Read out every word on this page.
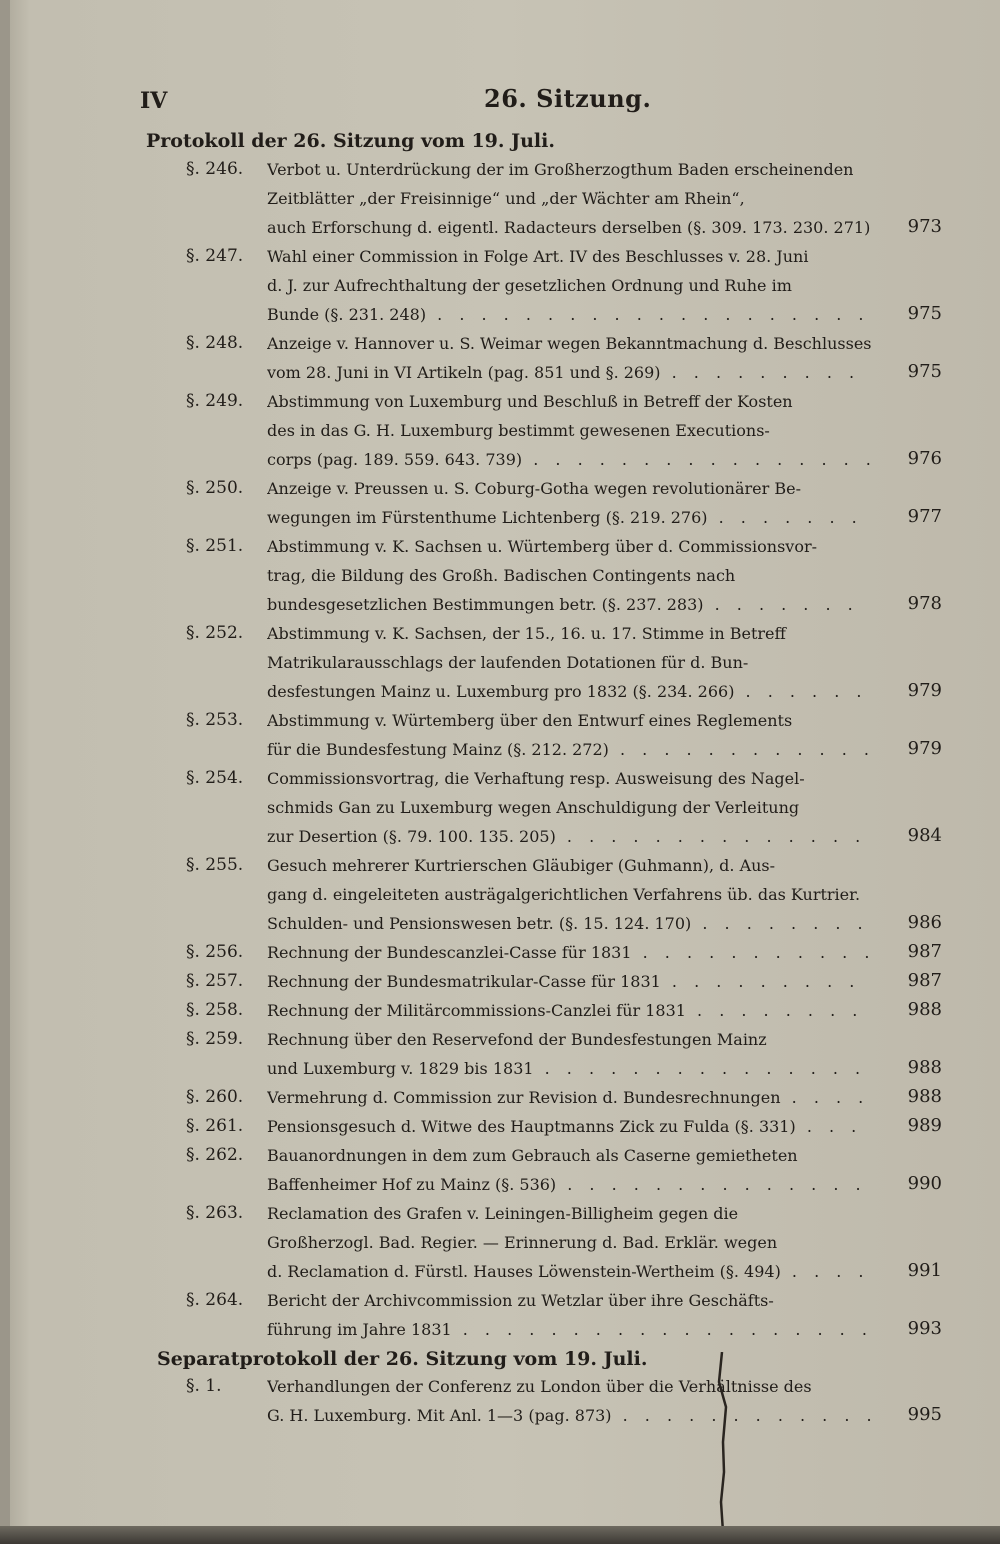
IV	26. Sitzung.
Protokoll der 26. Sitzung vom 19. Juli.
§. 246.	Verbot u. Unterdrückung der im Großherzogthum Baden erscheinenden
Zeitblätter „der Freisinnige“ und „der Wächter am Rhein“,
auch Erforschung d. eigentl. Radacteurs derselben (§. 309. 173. 230. 271) . . .	973
§. 247.	Wahl einer Commission in Folge Art. IV des Beschlusses v. 28. Juni
d. J. zur Aufrechthaltung der gesetzlichen Ordnung und Ruhe im
Bunde (§. 231. 248) . . .	975
§. 248.	Anzeige v. Hannover u. S. Weimar wegen Bekanntmachung d. Beschlusses
vom 28. Juni in VI Artikeln (pag. 851 und §. 269) . . .	975
§. 249.	Abstimmung von Luxemburg und Beschluß in Betreff der Kosten
des in das G. H. Luxemburg bestimmt gewesenen Executions-
corps (pag. 189. 559. 643. 739) . . .	976
§. 250.	Anzeige v. Preussen u. S. Coburg-Gotha wegen revolutionärer Be-
wegungen im Fürstenthume Lichtenberg (§. 219. 276) . . .	977
§. 251.	Abstimmung v. K. Sachsen u. Würtemberg über d. Commissionsvor-
trag, die Bildung des Großh. Badischen Contingents nach
bundesgesetzlichen Bestimmungen betr. (§. 237. 283) . . .	978
§. 252.	Abstimmung v. K. Sachsen, der 15., 16. u. 17. Stimme in Betreff
Matrikularausschlags der laufenden Dotationen für d. Bun-
desfestungen Mainz u. Luxemburg pro 1832 (§. 234. 266) . . .	979
§. 253.	Abstimmung v. Würtemberg über den Entwurf eines Reglements
für die Bundesfestung Mainz (§. 212. 272) . . .	979
§. 254.	Commissionsvortrag, die Verhaftung resp. Ausweisung des Nagel-
schmids Gan zu Luxemburg wegen Anschuldigung der Verleitung
zur Desertion (§. 79. 100. 135. 205) . . .	984
§. 255.	Gesuch mehrerer Kurtrierschen Gläubiger (Guhmann), d. Aus-
gang d. eingeleiteten austrägalgerichtlichen Verfahrens üb. das Kurtrier.
Schulden- und Pensionswesen betr. (§. 15. 124. 170) . . .	986
§. 256.	Rechnung der Bundescanzlei-Casse für 1831 . . .	987
§. 257.	Rechnung der Bundesmatrikular-Casse für 1831 . . .	987
§. 258.	Rechnung der Militärcommissions-Canzlei für 1831 . . .	988
§. 259.	Rechnung über den Reservefond der Bundesfestungen Mainz
und Luxemburg v. 1829 bis 1831 . . .	988
§. 260.	Vermehrung d. Commission zur Revision d. Bundesrechnungen . . .	988
§. 261.	Pensionsgesuch d. Witwe des Hauptmanns Zick zu Fulda (§. 331) . . .	989
§. 262.	Bauanordnungen in dem zum Gebrauch als Caserne gemietheten
Baffenheimer Hof zu Mainz (§. 536) . . .	990
§. 263.	Reclamation des Grafen v. Leiningen-Billigheim gegen die
Großherzogl. Bad. Regier. — Erinnerung d. Bad. Erklär. wegen
d. Reclamation d. Fürstl. Hauses Löwenstein-Wertheim (§. 494) . . .	991
§. 264.	Bericht der Archivcommission zu Wetzlar über ihre Geschäfts-
führung im Jahre 1831 . . .	993
Separatprotokoll der 26. Sitzung vom 19. Juli.
§. 1.	Verhandlungen der Conferenz zu London über die Verhältnisse des
G. H. Luxemburg. Mit Anl. 1—3 (pag. 873) . . .	995
